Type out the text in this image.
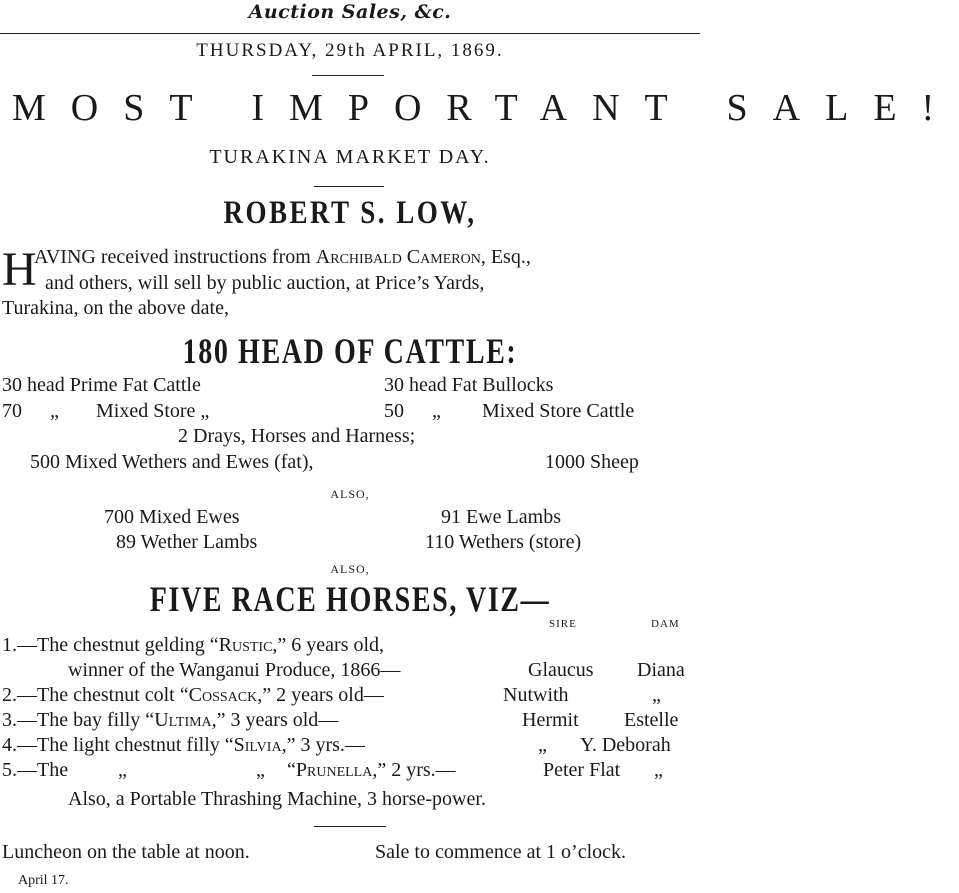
Auction Sales, &c.
THURSDAY, 29th APRIL, 1869.
MOST IMPORTANT SALE!
TURAKINA MARKET DAY.
ROBERT S. LOW,
H
AVING received instructions from Archibald Cameron, Esq.,
and others, will sell by public auction, at Price’s Yards,
Turakina, on the above date,
180 HEAD OF CATTLE:
30 head Prime Fat Cattle	30 head Fat Bullocks
70 „ Mixed Store „	50 „ Mixed Store Cattle
2 Drays, Horses and Harness;
500 Mixed Wethers and Ewes (fat),	1000 Sheep
ALSO,
700 Mixed Ewes	91 Ewe Lambs
89 Wether Lambs	110 Wethers (store)
ALSO,
FIVE RACE HORSES, VIZ—
SIRE	DAM
1.—The chestnut gelding “Rustic,” 6 years old,
winner of the Wanganui Produce, 1866—	Glaucus Diana
2.—The chestnut colt “Cossack,” 2 years old—	Nutwith	„
3.—The bay filly “Ultima,” 3 years old—	Hermit Estelle
4.—The light chestnut filly “Silvia,” 3 yrs.—	„ Y. Deborah
5.—The „	„ “Prunella,” 2 yrs.—	Peter Flat „
Also, a Portable Thrashing Machine, 3 horse-power.
Luncheon on the table at noon.	Sale to commence at 1 o’clock.
April 17.
